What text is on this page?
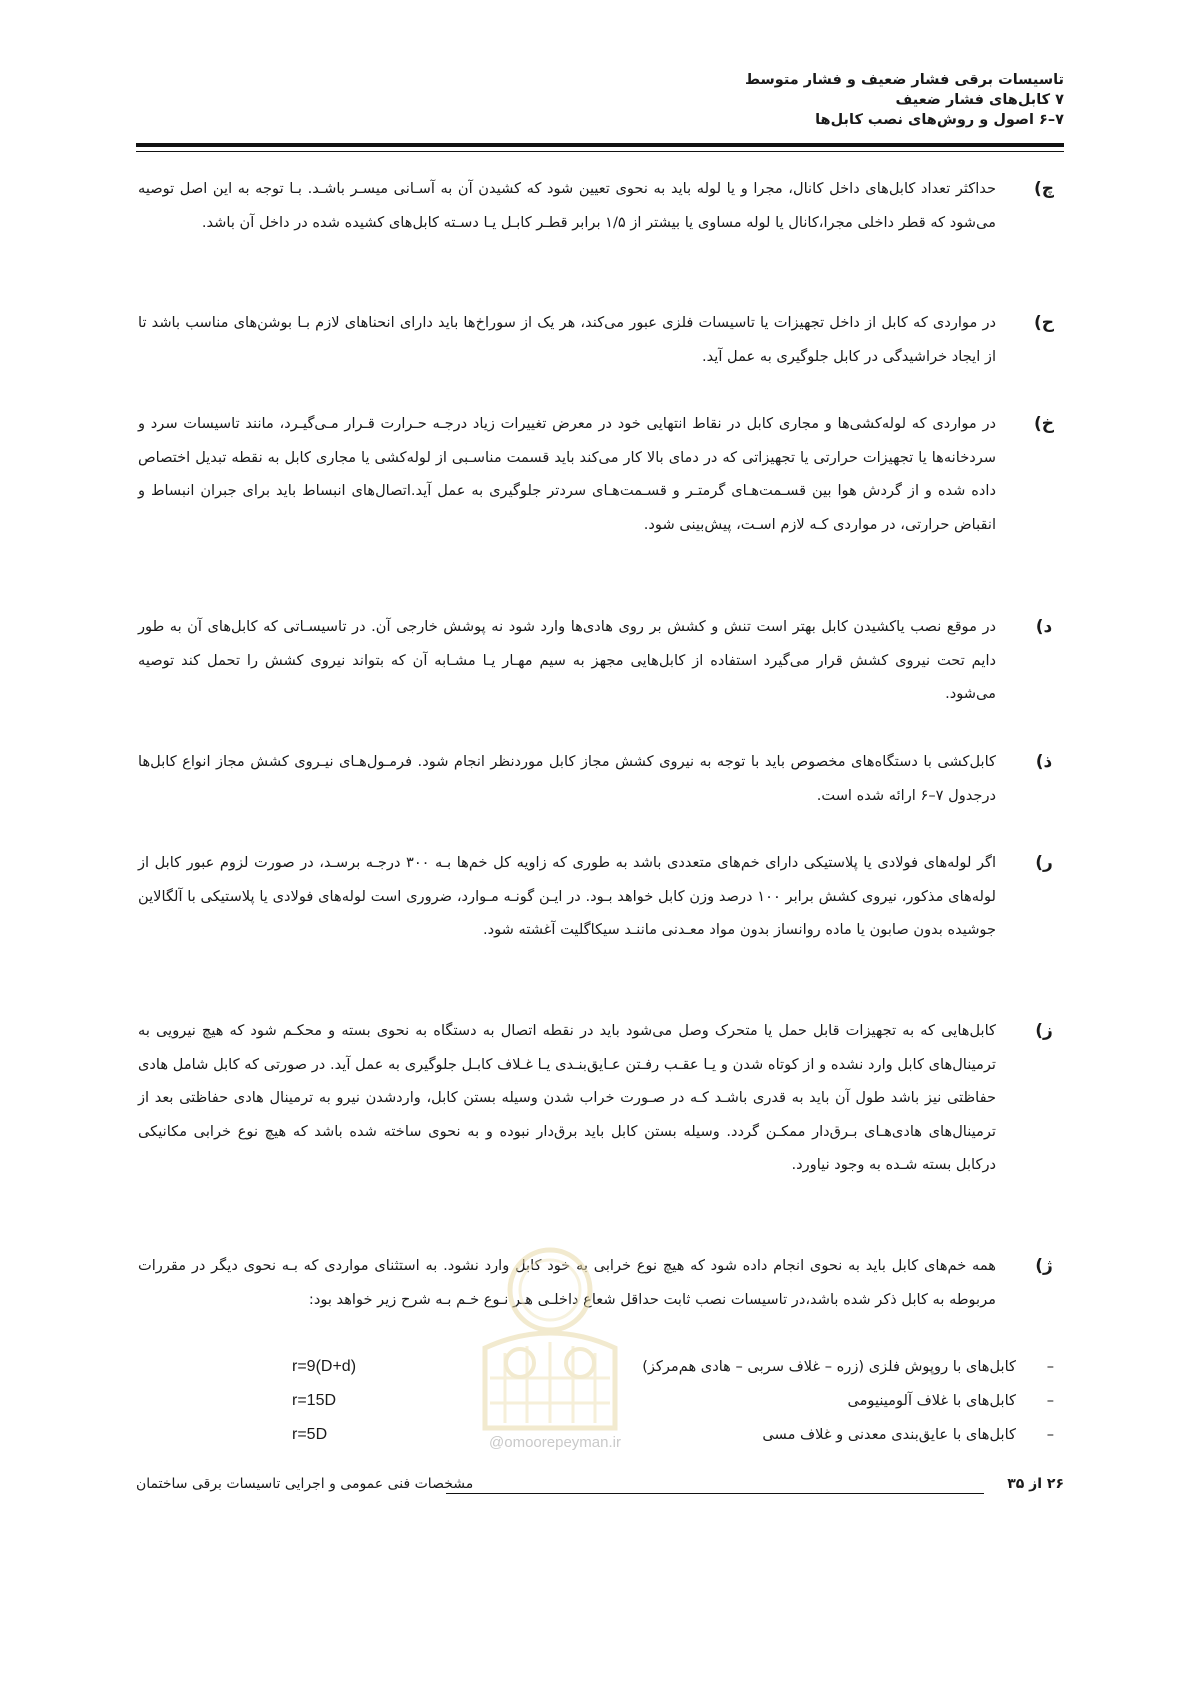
تاسیسات برقی فشار ضعیف و فشار متوسط
۷ کابل‌های فشار ضعیف
۷–۶ اصول و روش‌های نصب کابل‌ها
چ)
حداکثر تعداد کابل‌های داخل کانال، مجرا و یا لوله باید به نحوی تعیین شود که کشیدن آن به آسـانی میسـر باشـد. بـا توجه به این اصل توصیه می‌شود که قطر داخلی مجرا،کانال یا لوله مساوی یا بیشتر از ۱/۵ برابر قطـر کابـل یـا دسـته کابل‌های کشیده شده در داخل آن باشد.
ح)
در مواردی که کابل از داخل تجهیزات یا تاسیسات فلزی عبور می‌کند، هر یک از سوراخ‌ها باید دارای انحناهای لازم بـا بوشن‌های مناسب باشد تا از ایجاد خراشیدگی در کابل جلوگیری به عمل آید.
خ)
در مواردی که لوله‌کشی‌ها و مجاری کابل در نقاط انتهایی خود در معرض تغییرات زیاد درجـه حـرارت قـرار مـی‌گیـرد، مانند تاسیسات سرد و سردخانه‌ها یا تجهیزات حرارتی یا تجهیزاتی که در دمای بالا کار می‌کند باید قسمت مناسـبی از لوله‌کشی یا مجاری کابل به نقطه تبدیل اختصاص داده شده و از گردش هوا بین قسـمت‌هـای گرمتـر و قسـمت‌هـای سردتر جلوگیری به عمل آید.اتصال‌های انبساط باید برای جبران انبساط و انقباض حرارتی، در مواردی کـه لازم اسـت، پیش‌بینی شود.
د)
در موقع نصب یاکشیدن کابل بهتر است تنش و کشش بر روی هادی‌ها وارد شود نه پوشش خارجی آن. در تاسیسـاتی که کابل‌های آن به طور دایم تحت نیروی کشش قرار می‌گیرد استفاده از کابل‌هایی مجهز به سیم مهـار یـا مشـابه آن که بتواند نیروی کشش را تحمل کند توصیه می‌شود.
ذ)
کابل‌کشی با دستگاه‌های مخصوص باید با توجه به نیروی کشش مجاز کابل موردنظر انجام شود. فرمـول‌هـای نیـروی کشش مجاز انواع کابل‌ها درجدول ۷–۶ ارائه شده است.
ر)
اگر لوله‌های فولادی یا پلاستیکی دارای خم‌های متعددی باشد به طوری که زاویه کل خم‌ها بـه ۳۰۰ درجـه برسـد، در صورت لزوم عبور کابل از لوله‌های مذکور، نیروی کشش برابر ۱۰۰ درصد وزن کابل خواهد بـود. در ایـن گونـه مـوارد، ضروری است لوله‌های فولادی یا پلاستیکی با آلگالاین جوشیده بدون صابون یا ماده روانساز بدون مواد معـدنی ماننـد سیکاگلیت آغشته شود.
ز)
کابل‌هایی که به تجهیزات قابل حمل یا متحرک وصل می‌شود باید در نقطه اتصال به دستگاه به نحوی بسته و محکـم شود که هیچ نیرویی به ترمینال‌های کابل وارد نشده و از کوتاه شدن و یـا عقـب رفـتن عـایق‌بنـدی یـا غـلاف کابـل جلوگیری به عمل آید. در صورتی که کابل شامل هادی حفاظتی نیز باشد طول آن باید به قدری باشـد کـه در صـورت خراب شدن وسیله بستن کابل، واردشدن نیرو به ترمینال هادی حفاظتی بعد از ترمینال‌های هادی‌هـای بـرق‌دار ممکـن گردد. وسیله بستن کابل باید برق‌دار نبوده و به نحوی ساخته شده باشد که هیچ نوع خرابی مکانیکی درکابل بسته شـده به وجود نیاورد.
ژ)
همه خم‌های کابل باید به نحوی انجام داده شود که هیچ نوع خرابی به خود کابل وارد نشود. به استثنای مواردی که بـه نحوی دیگر در مقررات مربوطه به کابل ذکر شده باشد،در تاسیسات نصب ثابت حداقل شعاع داخلـی هـر نـوع خـم بـه شرح زیر خواهد بود:
–
کابل‌های با روپوش فلزی (زره – غلاف سربی – هادی هم‌مرکز)
r=9(D+d)
–
کابل‌های با غلاف آلومینیومی
r=15D
–
کابل‌های با عایق‌بندی معدنی و غلاف مسی
r=5D	@omoorepeyman.ir
۲۶ از ۳۵
مشخصات فنی عمومی و اجرایی تاسیسات برقی ساختمان
